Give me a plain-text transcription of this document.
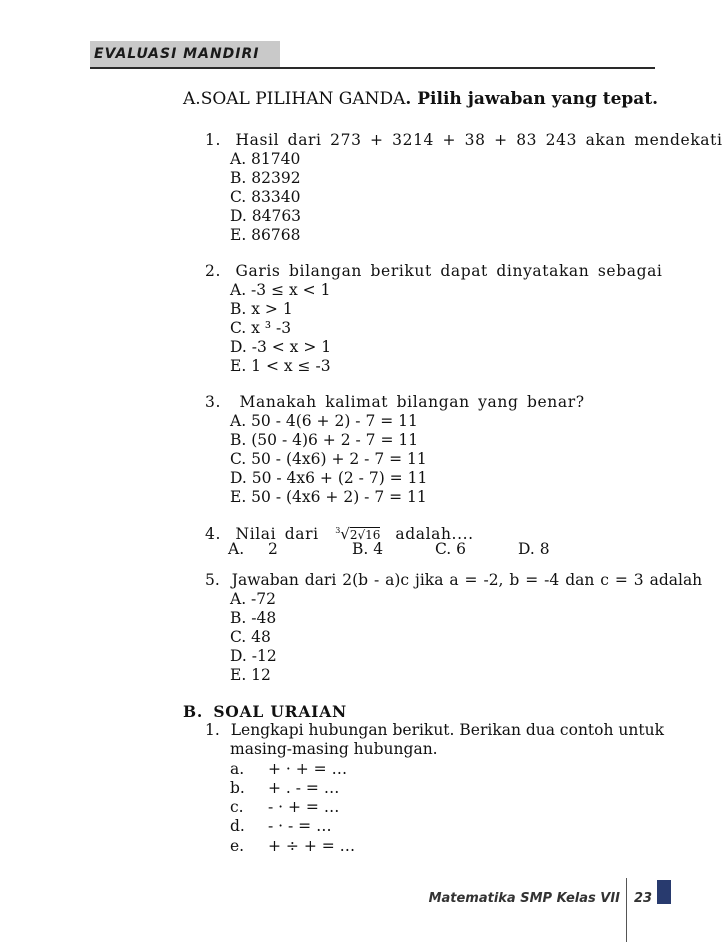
EVALUASI MANDIRI
A.SOAL PILIHAN GANDA. Pilih jawaban yang tepat.
1. Hasil dari 273 + 3214 + 38 + 83 243 akan mendekati
A. 81740
B. 82392
C. 83340
D. 84763
E. 86768
2. Garis bilangan berikut dapat dinyatakan sebagai
A. -3 ≤ x < 1
B. x > 1
C. x ³ -3
D. -3 < x > 1
E. 1 < x ≤ -3
3. Manakah kalimat bilangan yang benar?
A. 50 - 4(6 + 2) - 7 = 11
B. (50 - 4)6 + 2 - 7 = 11
C. 50 - (4x6) + 2 - 7 = 11
D. 50 - 4x6 + (2 - 7) = 11
E. 50 - (4x6 + 2) - 7 = 11
4. Nilai dari $^3$√2√16 adalah....
A. 2	B. 4	C. 6	D. 8
5. Jawaban dari 2(b - a)c jika a = -2, b = -4 dan c = 3 adalah
A. -72
B. -48
C. 48
D. -12
E. 12
B. SOAL URAIAN
1. Lengkapi hubungan berikut. Berikan dua contoh untuk
masing-masing hubungan.
a. + · + = …
b. + . - = …
c. - · + = …
d. - · - = …
e. + ÷ + = …
Matematika SMP Kelas VII 23
